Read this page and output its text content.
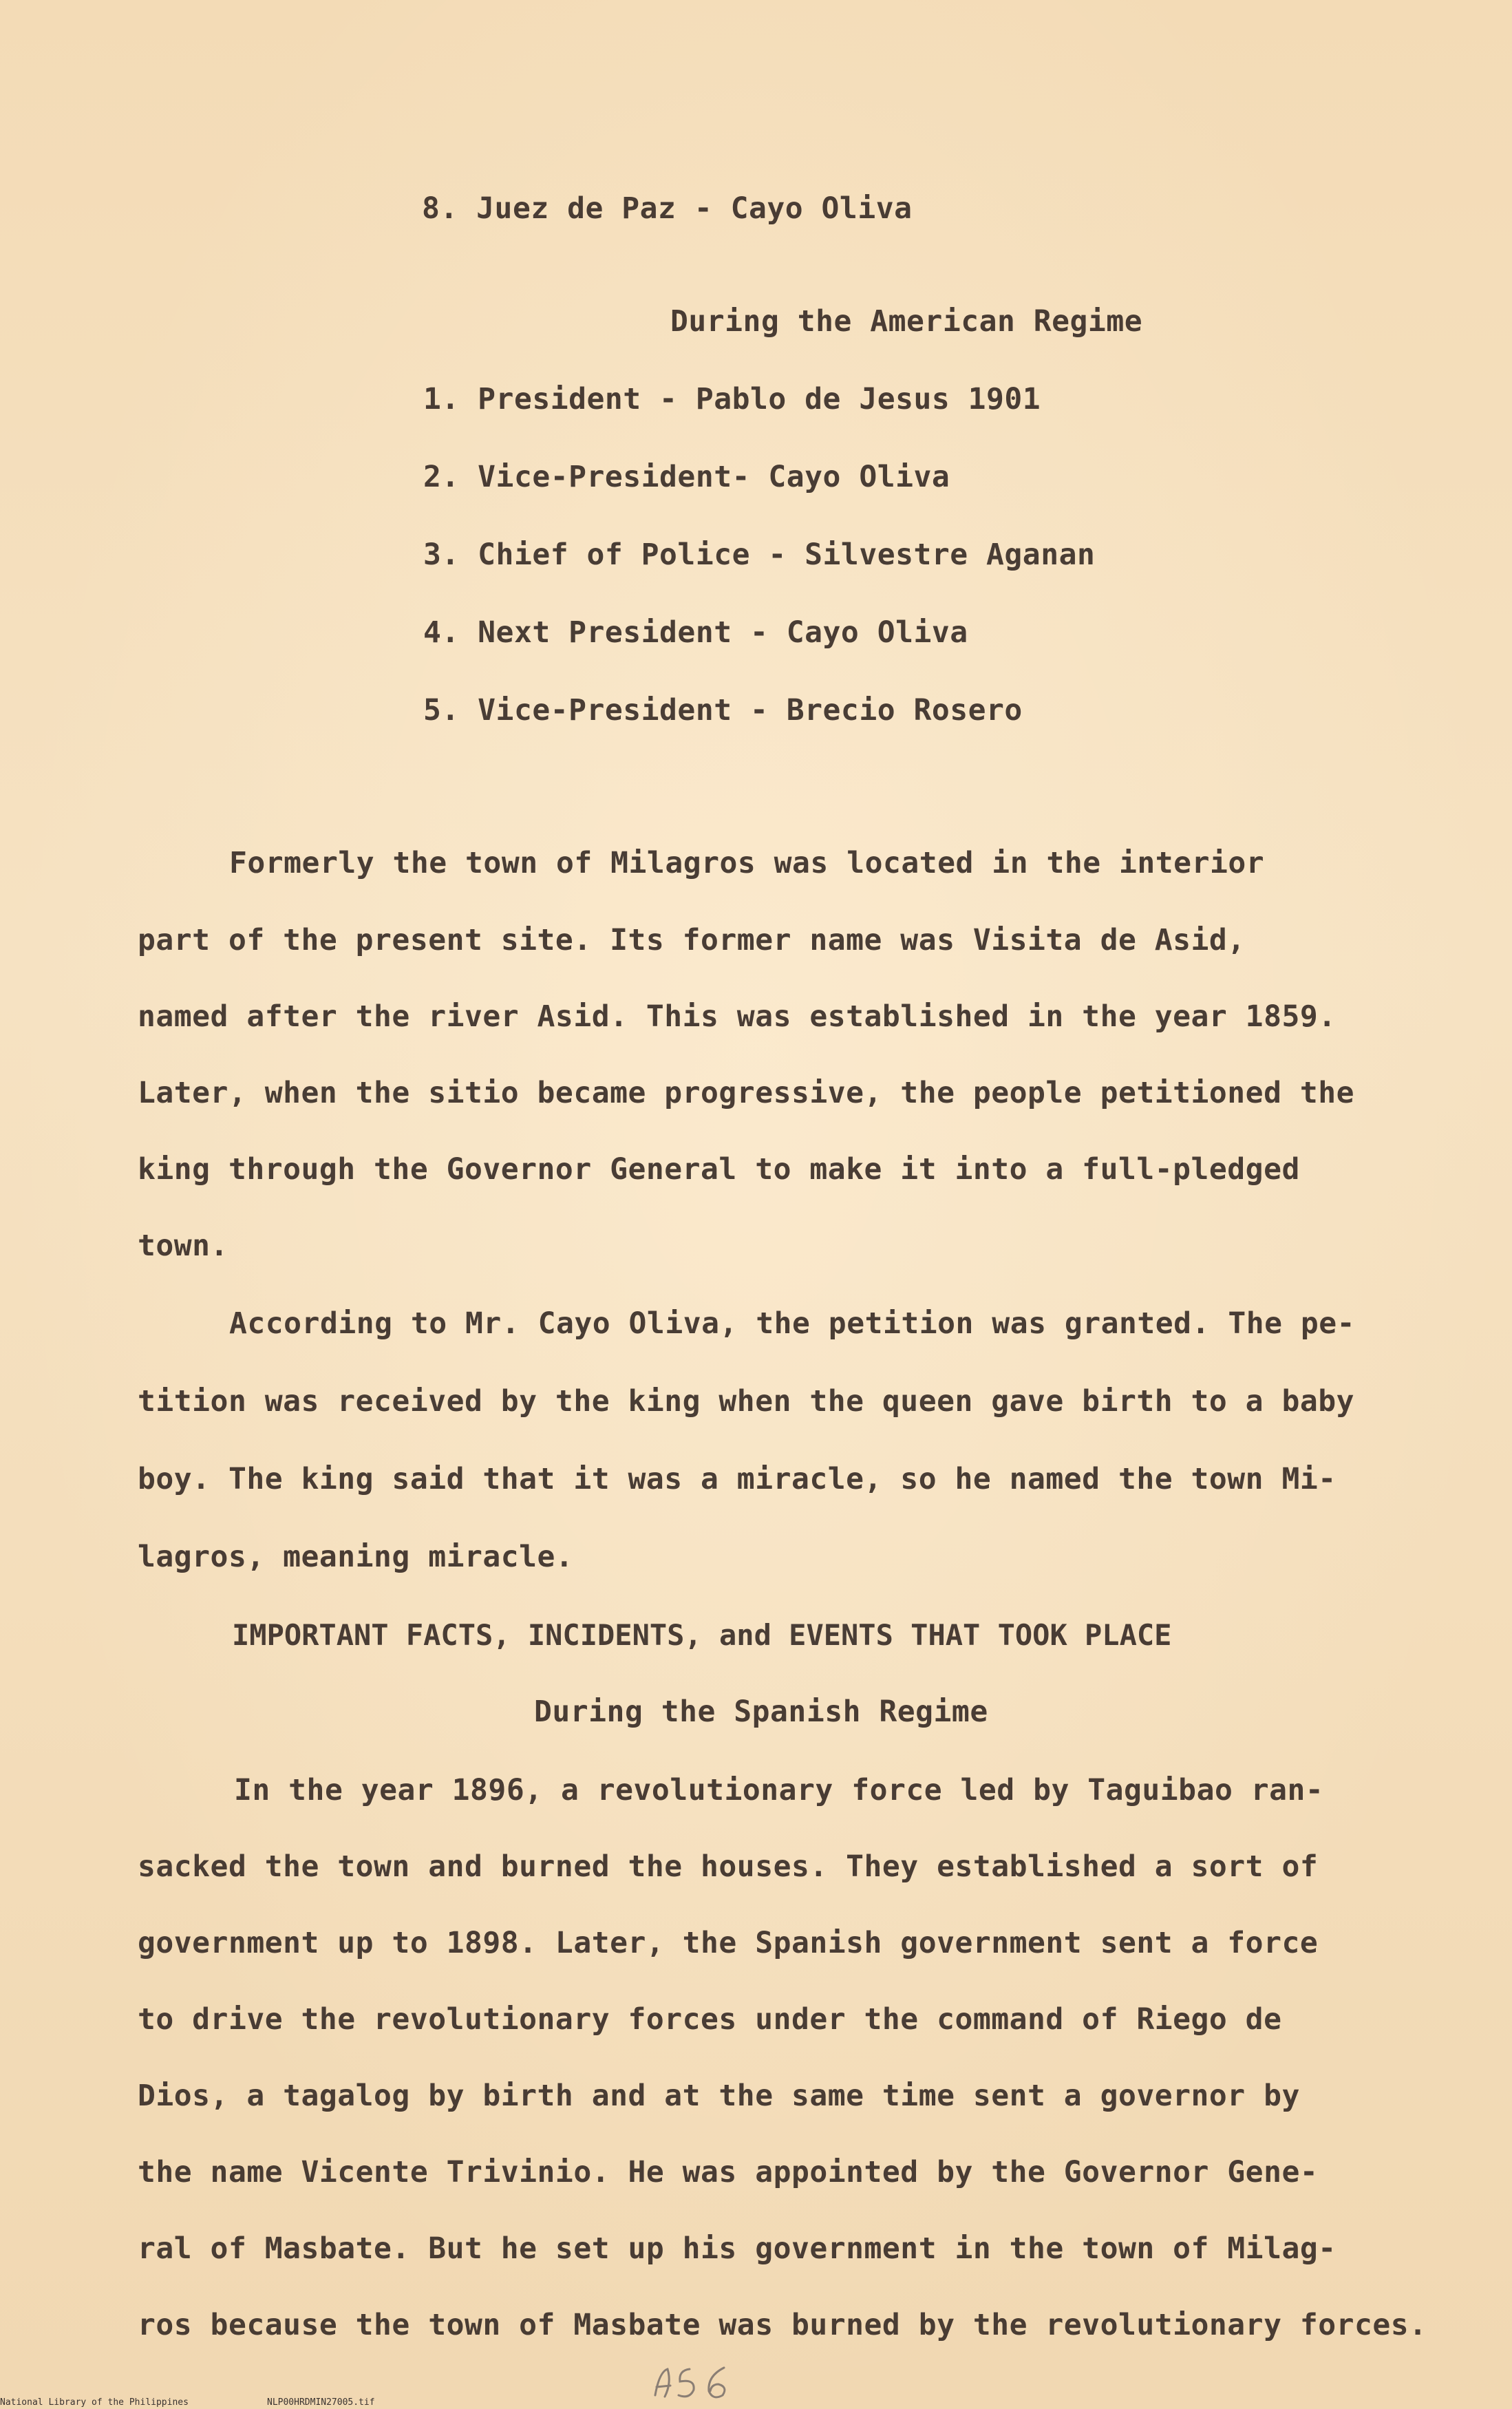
8. Juez de Paz - Cayo Oliva
During the American Regime
1. President - Pablo de Jesus 1901
2. Vice-President- Cayo Oliva
3. Chief of Police - Silvestre Aganan
4. Next President - Cayo Oliva
5. Vice-President - Brecio Rosero
Formerly the town of Milagros was located in the interior
part of the present site. Its former name was Visita de Asid,
named after the river Asid. This was established in the year 1859.
Later, when the sitio became progressive, the people petitioned the
king through the Governor General to make it into a full-pledged
town.
According to Mr. Cayo Oliva, the petition was granted. The pe-
tition was received by the king when the queen gave birth to a baby
boy. The king said that it was a miracle, so he named the town Mi-
lagros, meaning miracle.
IMPORTANT FACTS, INCIDENTS, and EVENTS THAT TOOK PLACE
During the Spanish Regime
In the year 1896, a revolutionary force led by Taguibao ran-
sacked the town and burned the houses. They established a sort of
government up to 1898. Later, the Spanish government sent a force
to drive the revolutionary forces under the command of Riego de
Dios, a tagalog by birth and at the same time sent a governor by
the name Vicente Trivinio. He was appointed by the Governor Gene-
ral of Masbate. But he set up his government in the town of Milag-
ros because the town of Masbate was burned by the revolutionary forces.
National Library of the Philippines	NLP00HRDMIN27005.tif
